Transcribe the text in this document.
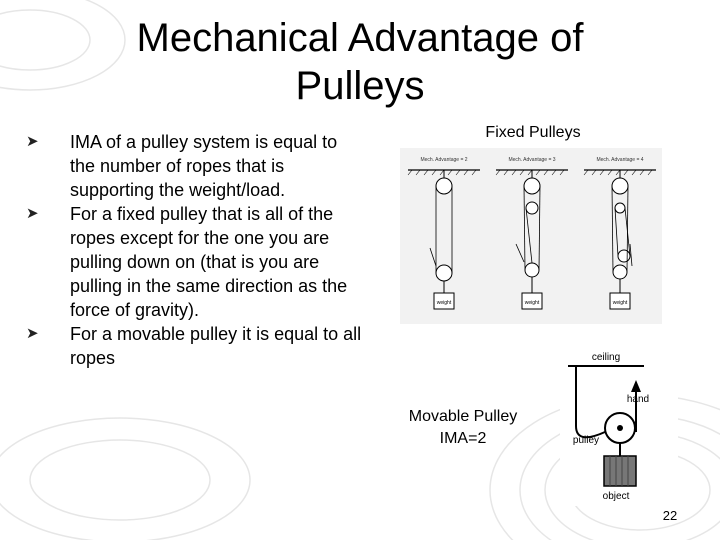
Mechanical Advantage of
Pulleys
➤ IMA of a pulley system is equal to the number of ropes that is supporting the weight/load.
➤ For a fixed pulley that is all of the ropes except for the one you are pulling down on (that is you are pulling in the same direction as the force of gravity).
➤ For a movable pulley it is equal to all ropes
Fixed Pulleys
Mech. Advantage = 2
weight
Mech. Advantage = 3
weight
Mech. Advantage = 4
weight
Movable Pulley
IMA=2
ceiling
hand
pulley
object
22
